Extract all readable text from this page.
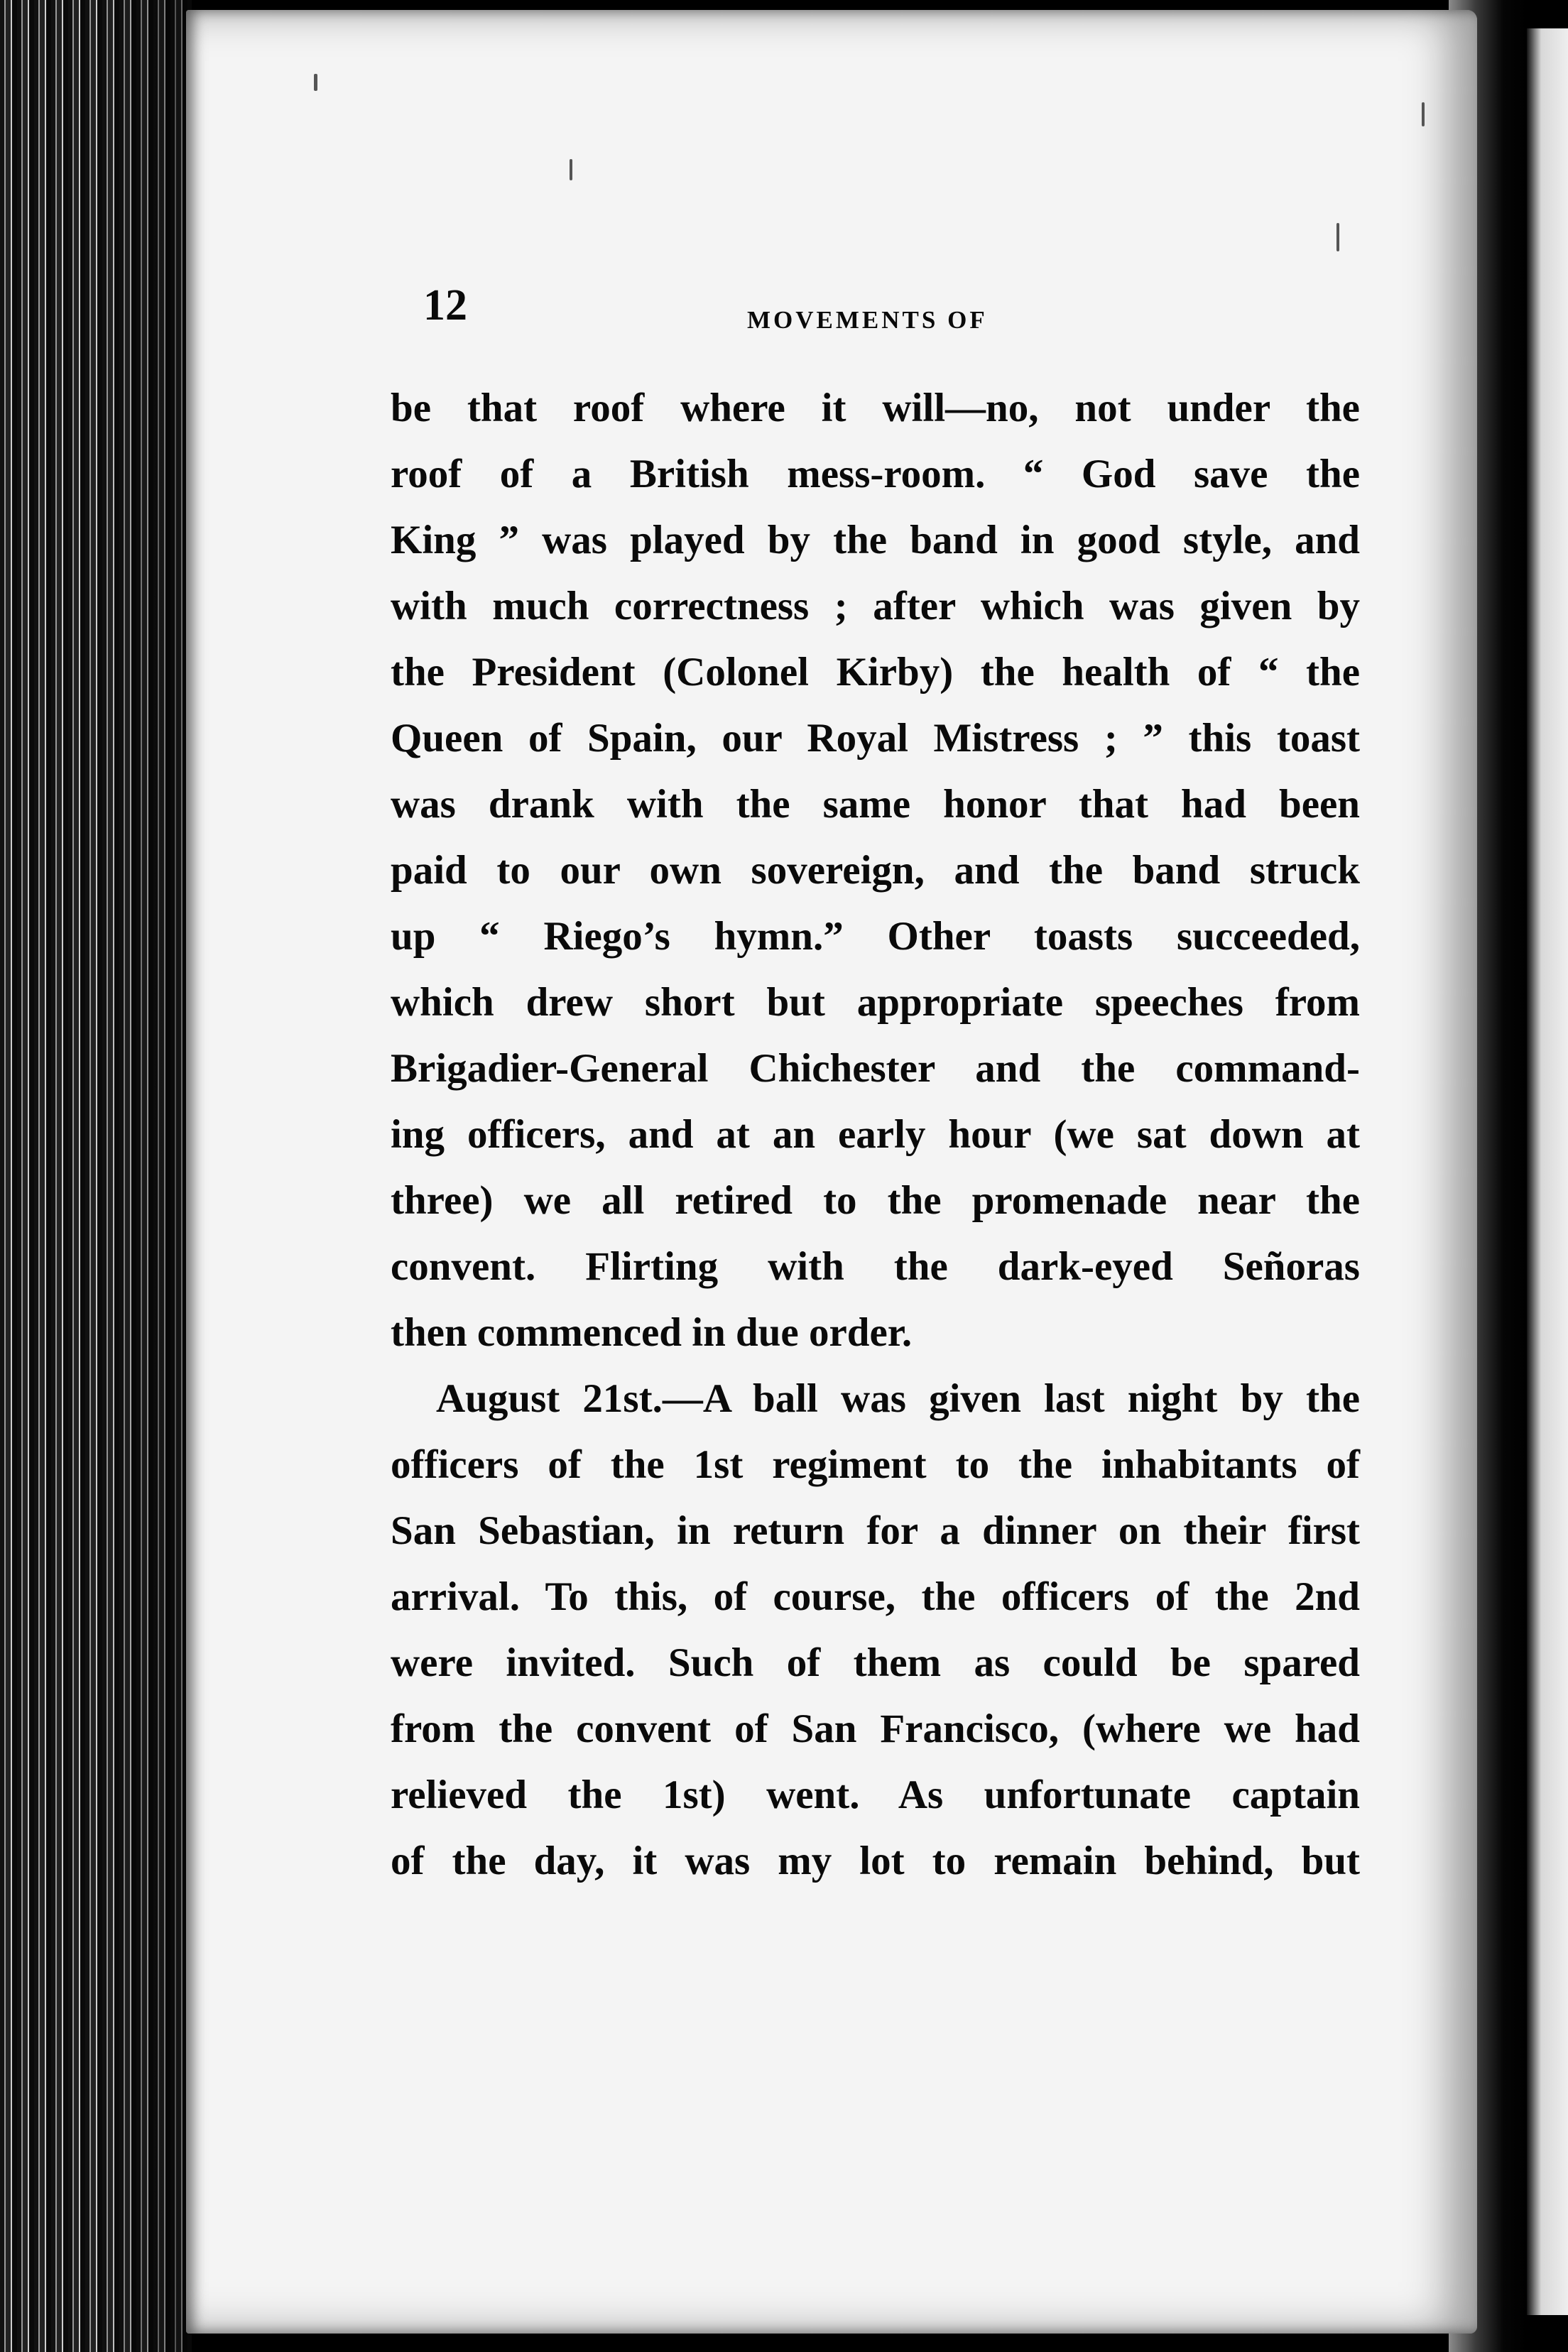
12	MOVEMENTS OF
be that roof where it will—no, not under the
roof of a British mess-room. “ God save the
King ” was played by the band in good style, and
with much correctness ; after which was given by
the President (Colonel Kirby) the health of “ the
Queen of Spain, our Royal Mistress ; ” this toast
was drank with the same honor that had been
paid to our own sovereign, and the band struck
up “ Riego’s hymn.” Other toasts succeeded,
which drew short but appropriate speeches from
Brigadier-General Chichester and the command-
ing officers, and at an early hour (we sat down at
three) we all retired to the promenade near the
convent. Flirting with the dark-eyed Señoras
then commenced in due order.
August 21st.—A ball was given last night by the
officers of the 1st regiment to the inhabitants of
San Sebastian, in return for a dinner on their first
arrival. To this, of course, the officers of the 2nd
were invited. Such of them as could be spared
from the convent of San Francisco, (where we had
relieved the 1st) went. As unfortunate captain
of the day, it was my lot to remain behind, but
